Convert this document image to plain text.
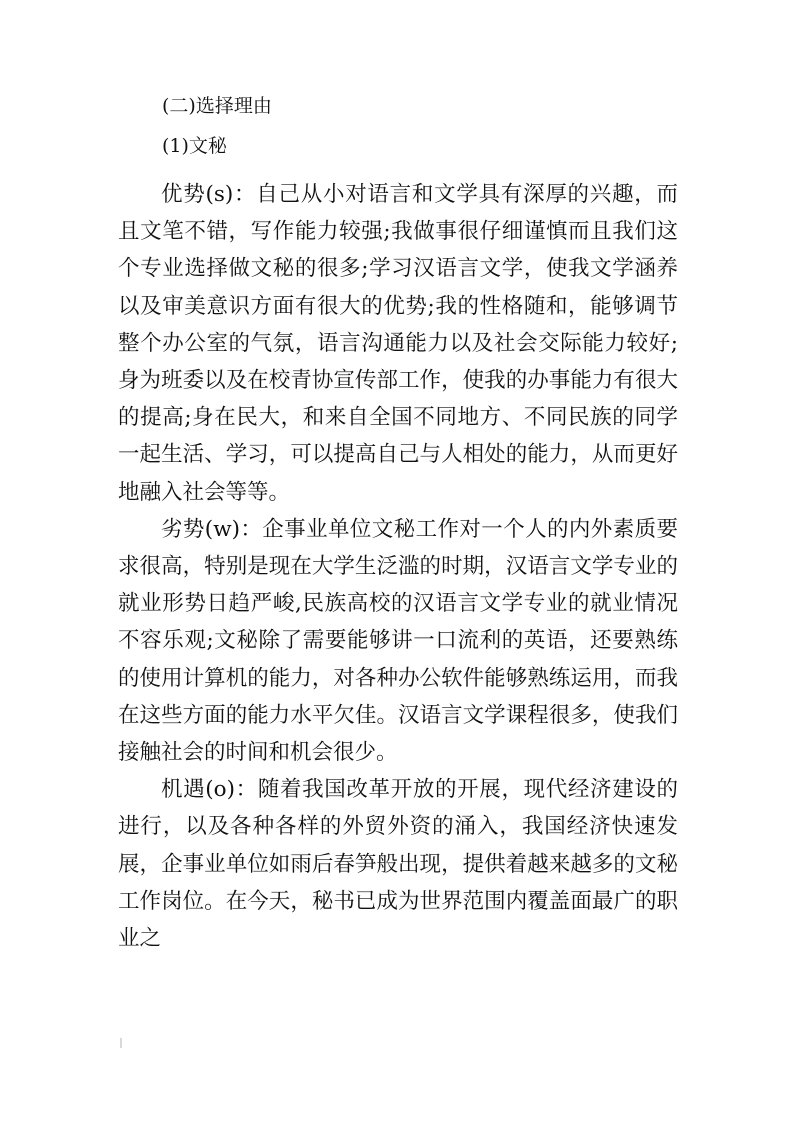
(二)选择理由

(1)文秘

优势(s)：自己从小对语言和文学具有深厚的兴趣，而且文笔不错，写作能力较强;我做事很仔细谨慎而且我们这个专业选择做文秘的很多;学习汉语言文学，使我文学涵养以及审美意识方面有很大的优势;我的性格随和，能够调节整个办公室的气氛，语言沟通能力以及社会交际能力较好;身为班委以及在校青协宣传部工作，使我的办事能力有很大的提高;身在民大，和来自全国不同地方、不同民族的同学一起生活、学习，可以提高自己与人相处的能力，从而更好地融入社会等等。

劣势(w)：企事业单位文秘工作对一个人的内外素质要求很高，特别是现在大学生泛滥的时期，汉语言文学专业的就业形势日趋严峻,民族高校的汉语言文学专业的就业情况不容乐观;文秘除了需要能够讲一口流利的英语，还要熟练的使用计算机的能力，对各种办公软件能够熟练运用，而我在这些方面的能力水平欠佳。汉语言文学课程很多，使我们接触社会的时间和机会很少。

机遇(o)：随着我国改革开放的开展，现代经济建设的进行，以及各种各样的外贸外资的涌入，我国经济快速发展，企事业单位如雨后春笋般出现，提供着越来越多的文秘工作岗位。在今天，秘书已成为世界范围内覆盖面最广的职业之
